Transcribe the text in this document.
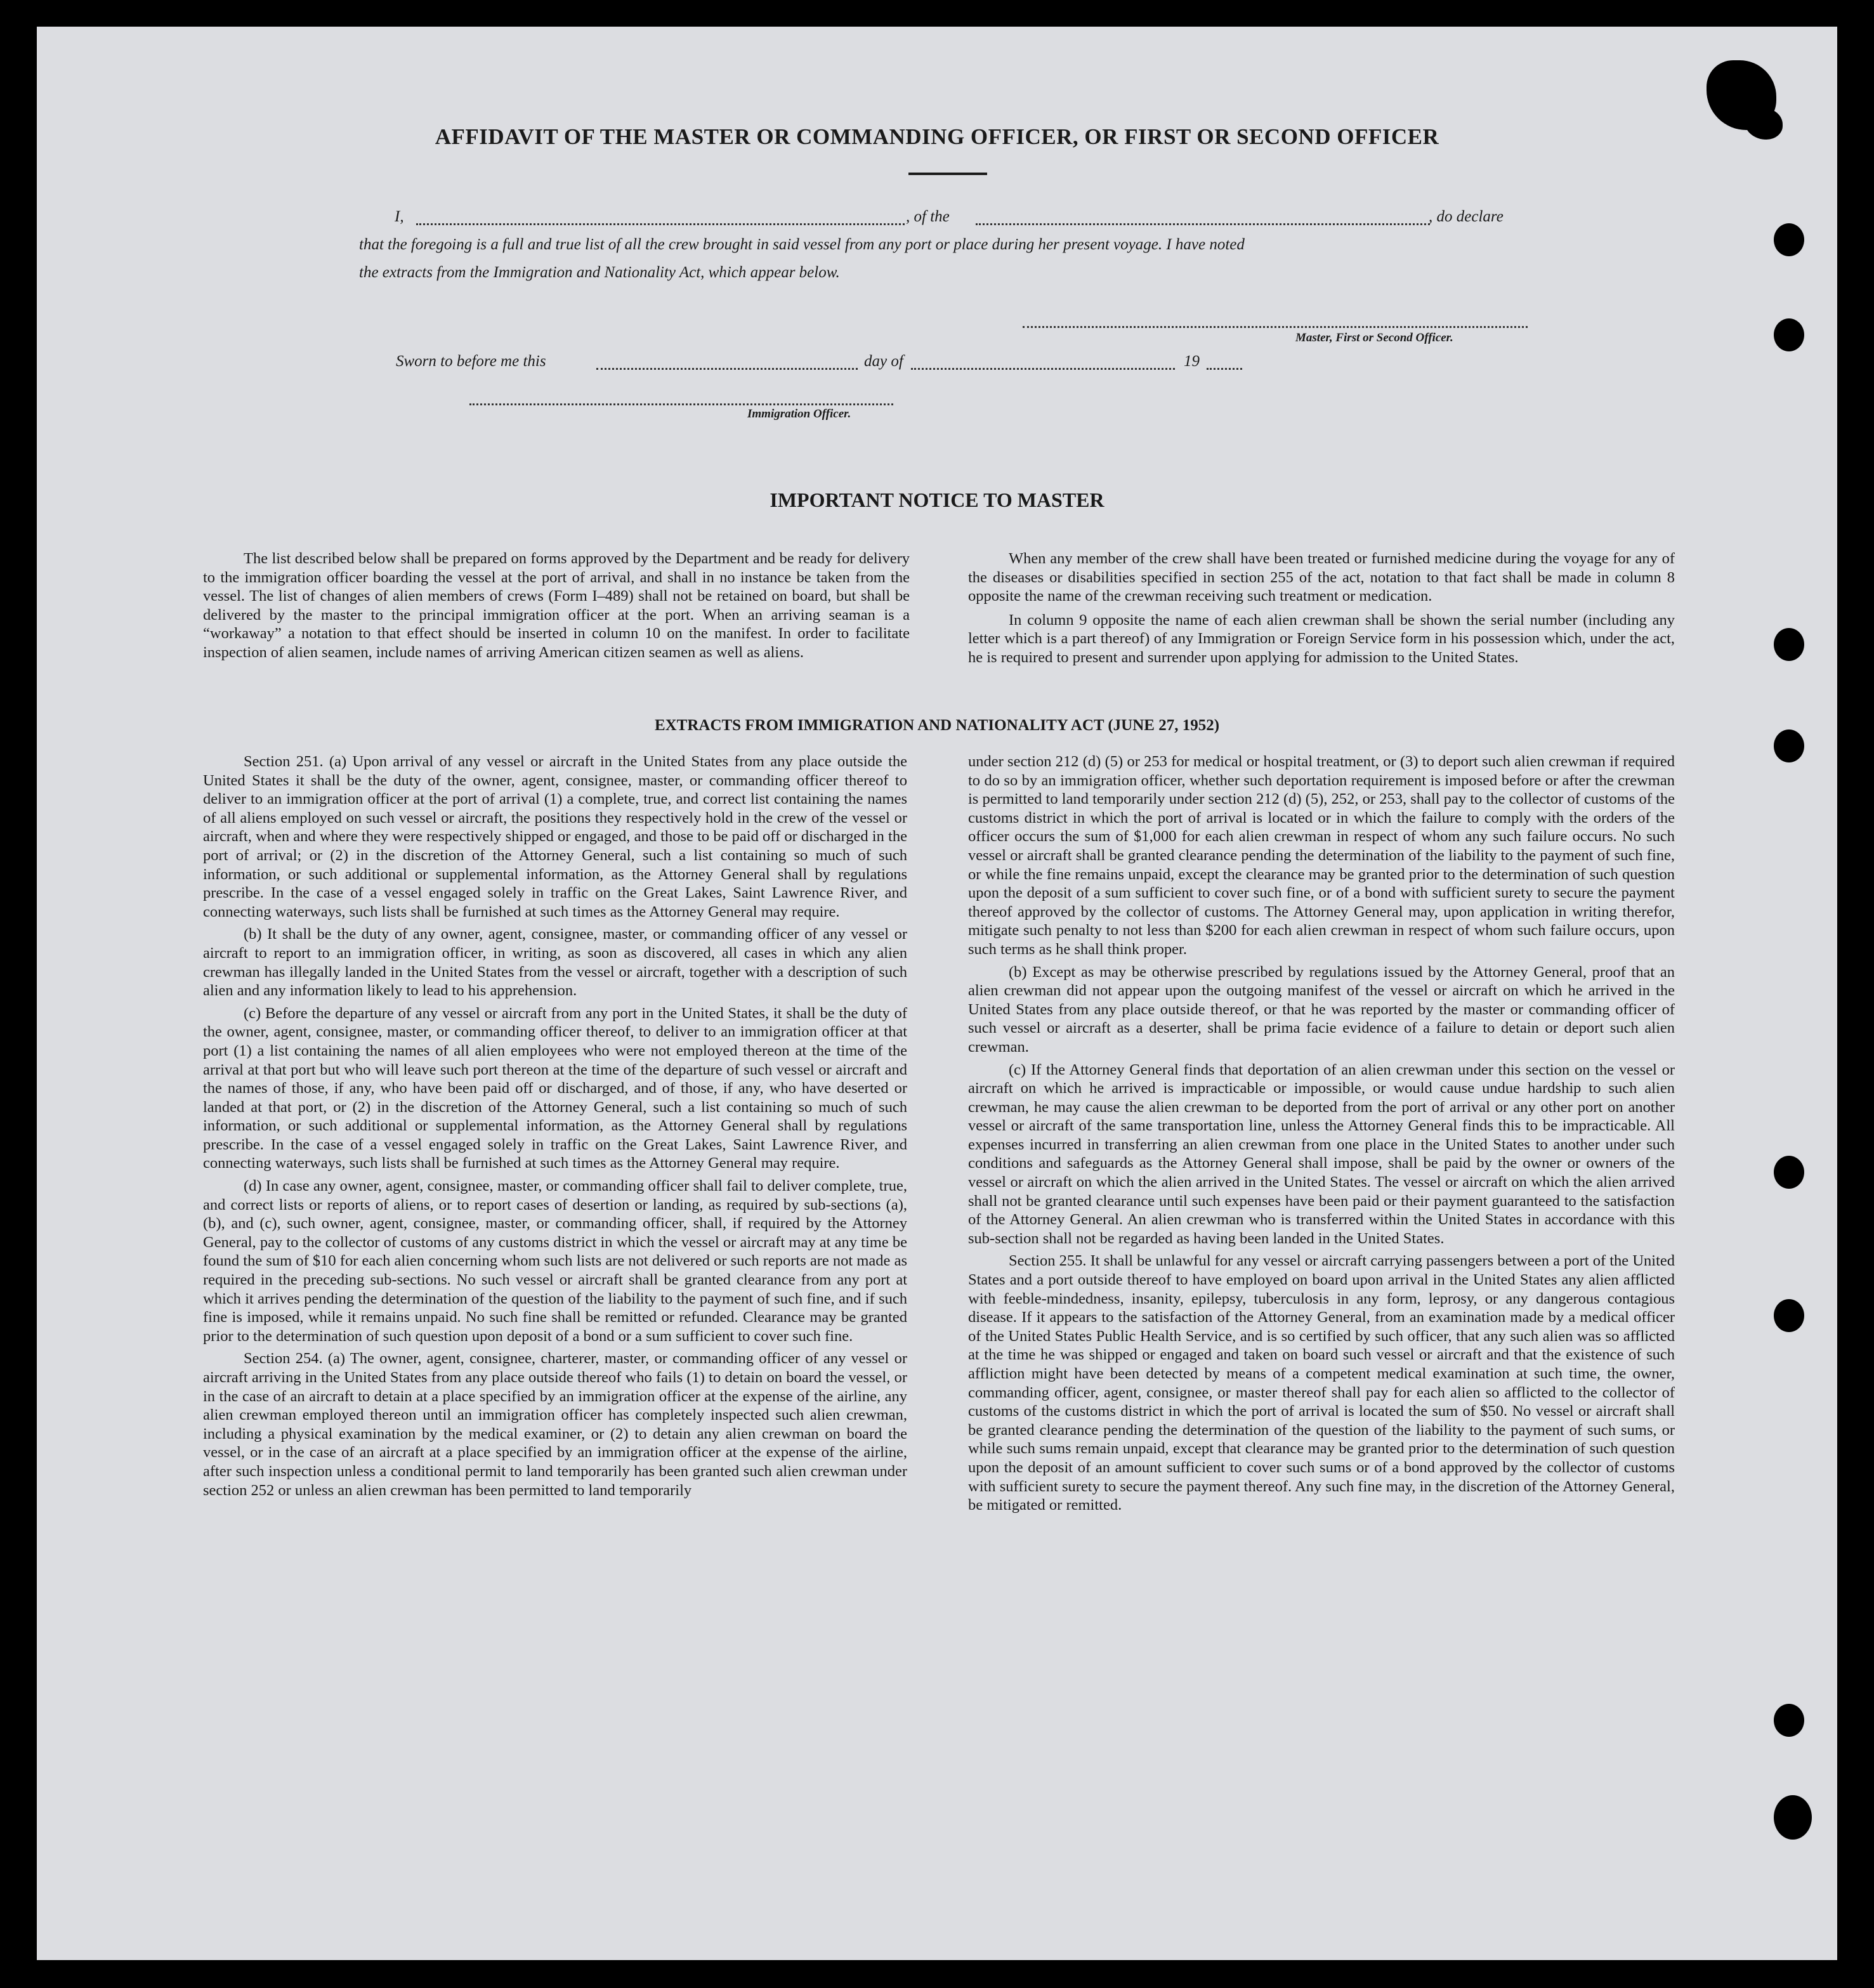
AFFIDAVIT OF THE MASTER OR COMMANDING OFFICER, OR FIRST OR SECOND OFFICER
I,	, of the	, do declare
that the foregoing is a full and true list of all the crew brought in said vessel from any port or place during her present voyage. I have noted
the extracts from the Immigration and Nationality Act, which appear below.
Master, First or Second Officer.
Sworn to before me this	day of	19
Immigration Officer.
IMPORTANT NOTICE TO MASTER

The list described below shall be prepared on forms approved by the Department and be ready for delivery to the immigration officer boarding the vessel at the port of arrival, and shall in no instance be taken from the vessel. The list of changes of alien members of crews (Form I–489) shall not be retained on board, but shall be delivered by the master to the principal immigration officer at the port. When an arriving seaman is a “workaway” a notation to that effect should be inserted in column 10 on the manifest. In order to facilitate inspection of alien seamen, include names of arriving American citizen seamen as well as aliens.

When any member of the crew shall have been treated or furnished medicine during the voyage for any of the diseases or disabilities specified in section 255 of the act, notation to that fact shall be made in column 8 opposite the name of the crewman receiving such treatment or medication.

In column 9 opposite the name of each alien crewman shall be shown the serial number (including any letter which is a part thereof) of any Immigration or Foreign Service form in his possession which, under the act, he is required to present and surrender upon applying for admission to the United States.

EXTRACTS FROM IMMIGRATION AND NATIONALITY ACT (JUNE 27, 1952)

Section 251. (a) Upon arrival of any vessel or aircraft in the United States from any place outside the United States it shall be the duty of the owner, agent, consignee, master, or commanding officer thereof to deliver to an immigration officer at the port of arrival (1) a complete, true, and correct list containing the names of all aliens employed on such vessel or aircraft, the positions they respectively hold in the crew of the vessel or aircraft, when and where they were respectively shipped or engaged, and those to be paid off or discharged in the port of arrival; or (2) in the discretion of the Attorney General, such a list containing so much of such information, or such additional or supplemental information, as the Attorney General shall by regulations prescribe. In the case of a vessel engaged solely in traffic on the Great Lakes, Saint Lawrence River, and connecting waterways, such lists shall be furnished at such times as the Attorney General may require.

(b) It shall be the duty of any owner, agent, consignee, master, or commanding officer of any vessel or aircraft to report to an immigration officer, in writing, as soon as discovered, all cases in which any alien crewman has illegally landed in the United States from the vessel or aircraft, together with a description of such alien and any information likely to lead to his apprehension.

(c) Before the departure of any vessel or aircraft from any port in the United States, it shall be the duty of the owner, agent, consignee, master, or commanding officer thereof, to deliver to an immigration officer at that port (1) a list containing the names of all alien employees who were not employed thereon at the time of the arrival at that port but who will leave such port thereon at the time of the departure of such vessel or aircraft and the names of those, if any, who have been paid off or discharged, and of those, if any, who have deserted or landed at that port, or (2) in the discretion of the Attorney General, such a list containing so much of such information, or such additional or supplemental information, as the Attorney General shall by regulations prescribe. In the case of a vessel engaged solely in traffic on the Great Lakes, Saint Lawrence River, and connecting waterways, such lists shall be furnished at such times as the Attorney General may require.

(d) In case any owner, agent, consignee, master, or commanding officer shall fail to deliver complete, true, and correct lists or reports of aliens, or to report cases of desertion or landing, as required by sub-sections (a), (b), and (c), such owner, agent, consignee, master, or commanding officer, shall, if required by the Attorney General, pay to the collector of customs of any customs district in which the vessel or aircraft may at any time be found the sum of $10 for each alien concerning whom such lists are not delivered or such reports are not made as required in the preceding sub-sections. No such vessel or aircraft shall be granted clearance from any port at which it arrives pending the determination of the question of the liability to the payment of such fine, and if such fine is imposed, while it remains unpaid. No such fine shall be remitted or refunded. Clearance may be granted prior to the determination of such question upon deposit of a bond or a sum sufficient to cover such fine.

Section 254. (a) The owner, agent, consignee, charterer, master, or commanding officer of any vessel or aircraft arriving in the United States from any place outside thereof who fails (1) to detain on board the vessel, or in the case of an aircraft to detain at a place specified by an immigration officer at the expense of the airline, any alien crewman employed thereon until an immigration officer has completely inspected such alien crewman, including a physical examination by the medical examiner, or (2) to detain any alien crewman on board the vessel, or in the case of an aircraft at a place specified by an immigration officer at the expense of the airline, after such inspection unless a conditional permit to land temporarily has been granted such alien crewman under section 252 or unless an alien crewman has been permitted to land temporarily

under section 212 (d) (5) or 253 for medical or hospital treatment, or (3) to deport such alien crewman if required to do so by an immigration officer, whether such deportation requirement is imposed before or after the crewman is permitted to land temporarily under section 212 (d) (5), 252, or 253, shall pay to the collector of customs of the customs district in which the port of arrival is located or in which the failure to comply with the orders of the officer occurs the sum of $1,000 for each alien crewman in respect of whom any such failure occurs. No such vessel or aircraft shall be granted clearance pending the determination of the liability to the payment of such fine, or while the fine remains unpaid, except the clearance may be granted prior to the determination of such question upon the deposit of a sum sufficient to cover such fine, or of a bond with sufficient surety to secure the payment thereof approved by the collector of customs. The Attorney General may, upon application in writing therefor, mitigate such penalty to not less than $200 for each alien crewman in respect of whom such failure occurs, upon such terms as he shall think proper.

(b) Except as may be otherwise prescribed by regulations issued by the Attorney General, proof that an alien crewman did not appear upon the outgoing manifest of the vessel or aircraft on which he arrived in the United States from any place outside thereof, or that he was reported by the master or commanding officer of such vessel or aircraft as a deserter, shall be prima facie evidence of a failure to detain or deport such alien crewman.

(c) If the Attorney General finds that deportation of an alien crewman under this section on the vessel or aircraft on which he arrived is impracticable or impossible, or would cause undue hardship to such alien crewman, he may cause the alien crewman to be deported from the port of arrival or any other port on another vessel or aircraft of the same transportation line, unless the Attorney General finds this to be impracticable. All expenses incurred in transferring an alien crewman from one place in the United States to another under such conditions and safeguards as the Attorney General shall impose, shall be paid by the owner or owners of the vessel or aircraft on which the alien arrived in the United States. The vessel or aircraft on which the alien arrived shall not be granted clearance until such expenses have been paid or their payment guaranteed to the satisfaction of the Attorney General. An alien crewman who is transferred within the United States in accordance with this sub-section shall not be regarded as having been landed in the United States.

Section 255. It shall be unlawful for any vessel or aircraft carrying passengers between a port of the United States and a port outside thereof to have employed on board upon arrival in the United States any alien afflicted with feeble-mindedness, insanity, epilepsy, tuberculosis in any form, leprosy, or any dangerous contagious disease. If it appears to the satisfaction of the Attorney General, from an examination made by a medical officer of the United States Public Health Service, and is so certified by such officer, that any such alien was so afflicted at the time he was shipped or engaged and taken on board such vessel or aircraft and that the existence of such affliction might have been detected by means of a competent medical examination at such time, the owner, commanding officer, agent, consignee, or master thereof shall pay for each alien so afflicted to the collector of customs of the customs district in which the port of arrival is located the sum of $50. No vessel or aircraft shall be granted clearance pending the determination of the question of the liability to the payment of such sums, or while such sums remain unpaid, except that clearance may be granted prior to the determination of such question upon the deposit of an amount sufficient to cover such sums or of a bond approved by the collector of customs with sufficient surety to secure the payment thereof. Any such fine may, in the discretion of the Attorney General, be mitigated or remitted.
